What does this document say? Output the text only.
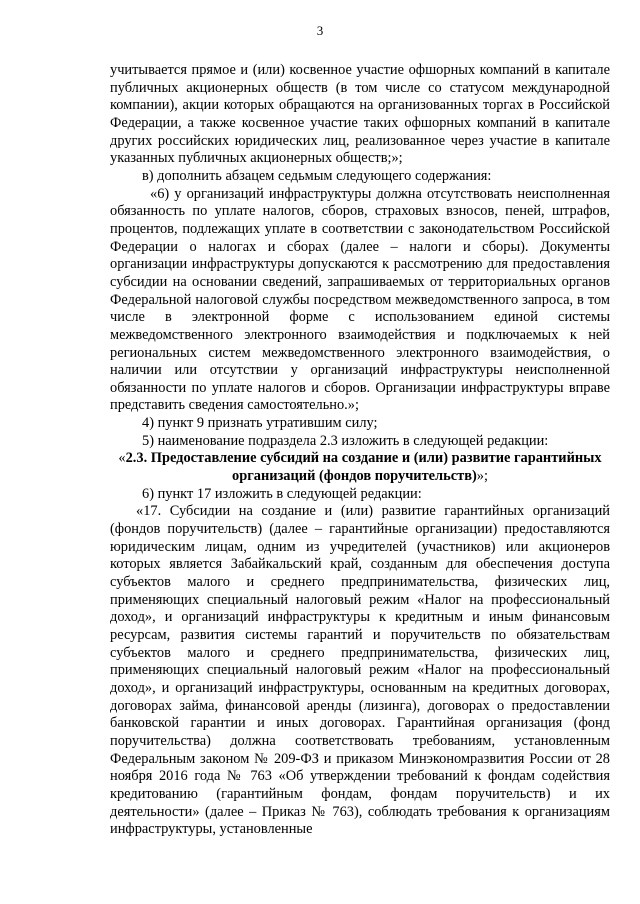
3

учитывается прямое и (или) косвенное участие офшорных компаний в капитале публичных акционерных обществ (в том числе со статусом международной компании), акции которых обращаются на организованных торгах в Российской Федерации, а также косвенное участие таких офшорных компаний в капитале других российских юридических лиц, реализованное через участие в капитале указанных публичных акционерных обществ;»;

в) дополнить абзацем седьмым следующего содержания:

«6) у организаций инфраструктуры должна отсутствовать неисполненная обязанность по уплате налогов, сборов, страховых взносов, пеней, штрафов, процентов, подлежащих уплате в соответствии с законодательством Российской Федерации о налогах и сборах (далее – налоги и сборы). Документы организации инфраструктуры допускаются к рассмотрению для предоставления субсидии на основании сведений, запрашиваемых от территориальных органов Федеральной налоговой службы посредством межведомственного запроса, в том числе в электронной форме с использованием единой системы межведомственного электронного взаимодействия и подключаемых к ней региональных систем межведомственного электронного взаимодействия, о наличии или отсутствии у организаций инфраструктуры неисполненной обязанности по уплате налогов и сборов. Организации инфраструктуры вправе представить сведения самостоятельно.»;

4) пункт 9 признать утратившим силу;

5) наименование подраздела 2.3 изложить в следующей редакции:

«2.3. Предоставление субсидий на создание и (или) развитие гарантийных организаций (фондов поручительств)»;

6) пункт 17 изложить в следующей редакции:

«17. Субсидии на создание и (или) развитие гарантийных организаций (фондов поручительств) (далее – гарантийные организации) предоставляются юридическим лицам, одним из учредителей (участников) или акционеров которых является Забайкальский край, созданным для обеспечения доступа субъектов малого и среднего предпринимательства, физических лиц, применяющих специальный налоговый режим «Налог на профессиональный доход», и организаций инфраструктуры к кредитным и иным финансовым ресурсам, развития системы гарантий и поручительств по обязательствам субъектов малого и среднего предпринимательства, физических лиц, применяющих специальный налоговый режим «Налог на профессиональный доход», и организаций инфраструктуры, основанным на кредитных договорах, договорах займа, финансовой аренды (лизинга), договорах о предоставлении банковской гарантии и иных договорах. Гарантийная организация (фонд поручительства) должна соответствовать требованиям, установленным Федеральным законом № 209-ФЗ и приказом Минэкономразвития России от 28 ноября 2016 года № 763 «Об утверждении требований к фондам содействия кредитованию (гарантийным фондам, фондам поручительств) и их деятельности» (далее – Приказ № 763), соблюдать требования к организациям инфраструктуры, установленные
